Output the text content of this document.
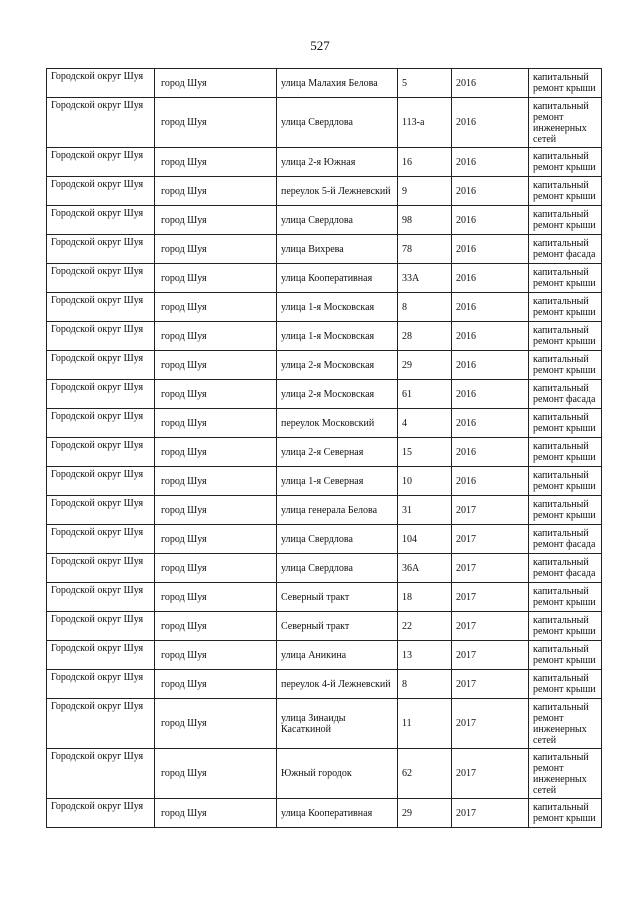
527
Городской округ Шуя	город Шуя	улица Малахия Белова	5	2016	капитальный ремонт крыши
Городской округ Шуя	город Шуя	улица Свердлова	113-а	2016	капитальный ремонт инженерных сетей
Городской округ Шуя	город Шуя	улица 2-я Южная	16	2016	капитальный ремонт крыши
Городской округ Шуя	город Шуя	переулок 5-й Лежневский	9	2016	капитальный ремонт крыши
Городской округ Шуя	город Шуя	улица Свердлова	98	2016	капитальный ремонт крыши
Городской округ Шуя	город Шуя	улица Вихрева	78	2016	капитальный ремонт фасада
Городской округ Шуя	город Шуя	улица Кооперативная	33А	2016	капитальный ремонт крыши
Городской округ Шуя	город Шуя	улица 1-я Московская	8	2016	капитальный ремонт крыши
Городской округ Шуя	город Шуя	улица 1-я Московская	28	2016	капитальный ремонт крыши
Городской округ Шуя	город Шуя	улица 2-я Московская	29	2016	капитальный ремонт крыши
Городской округ Шуя	город Шуя	улица 2-я Московская	61	2016	капитальный ремонт фасада
Городской округ Шуя	город Шуя	переулок Московский	4	2016	капитальный ремонт крыши
Городской округ Шуя	город Шуя	улица 2-я Северная	15	2016	капитальный ремонт крыши
Городской округ Шуя	город Шуя	улица 1-я Северная	10	2016	капитальный ремонт крыши
Городской округ Шуя	город Шуя	улица генерала Белова	31	2017	капитальный ремонт крыши
Городской округ Шуя	город Шуя	улица Свердлова	104	2017	капитальный ремонт фасада
Городской округ Шуя	город Шуя	улица Свердлова	36А	2017	капитальный ремонт фасада
Городской округ Шуя	город Шуя	Северный тракт	18	2017	капитальный ремонт крыши
Городской округ Шуя	город Шуя	Северный тракт	22	2017	капитальный ремонт крыши
Городской округ Шуя	город Шуя	улица Аникина	13	2017	капитальный ремонт крыши
Городской округ Шуя	город Шуя	переулок 4-й Лежневский	8	2017	капитальный ремонт крыши
Городской округ Шуя	город Шуя	улица Зинаиды Касаткиной	11	2017	капитальный ремонт инженерных сетей
Городской округ Шуя	город Шуя	Южный городок	62	2017	капитальный ремонт инженерных сетей
Городской округ Шуя	город Шуя	улица Кооперативная	29	2017	капитальный ремонт крыши
